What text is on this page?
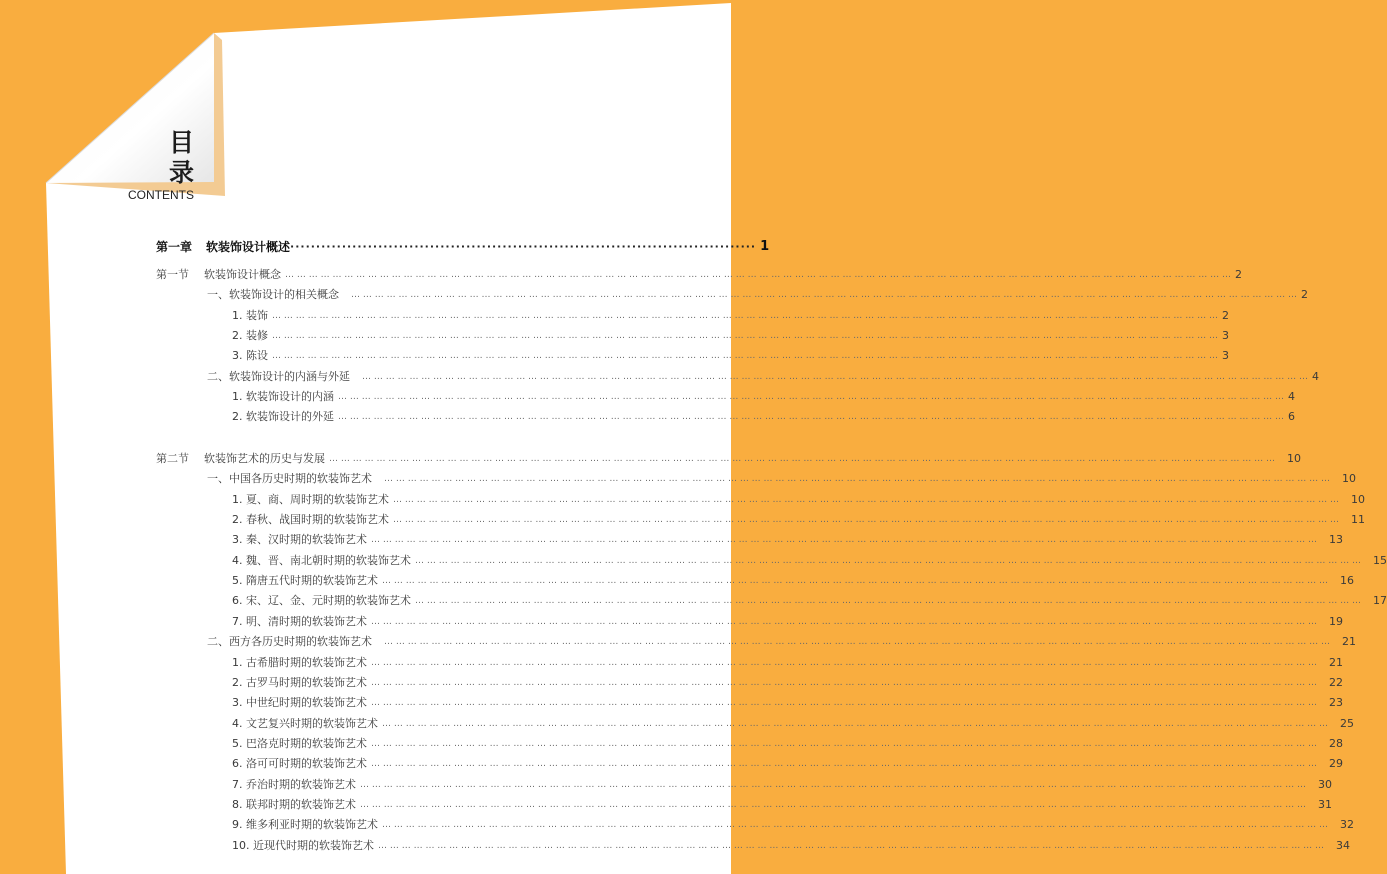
目 录
CONTENTS
第一章	软装饰设计概述 ·························································································· 1
第一节 软装饰设计概念 … … … … … … … … … … … … … … … … … … … … … … … … … … … … … … … … … … … … … … … … … … … … … … … … … … … … … … … … … … … … … … … … … … … … … … … … … … … … … … … … 2
一、软装饰设计的相关概念	… … … … … … … … … … … … … … … … … … … … … … … … … … … … … … … … … … … … … … … … … … … … … … … … … … … … … … … … … … … … … … … … … … … … … … … … … … … … … … … … 2
1. 装饰 … … … … … … … … … … … … … … … … … … … … … … … … … … … … … … … … … … … … … … … … … … … … … … … … … … … … … … … … … … … … … … … … … … … … … … … … … … … … … … … … 2
2. 装修 … … … … … … … … … … … … … … … … … … … … … … … … … … … … … … … … … … … … … … … … … … … … … … … … … … … … … … … … … … … … … … … … … … … … … … … … … … … … … … … … 3
3. 陈设 … … … … … … … … … … … … … … … … … … … … … … … … … … … … … … … … … … … … … … … … … … … … … … … … … … … … … … … … … … … … … … … … … … … … … … … … … … … … … … … … 3
二、软装饰设计的内涵与外延	… … … … … … … … … … … … … … … … … … … … … … … … … … … … … … … … … … … … … … … … … … … … … … … … … … … … … … … … … … … … … … … … … … … … … … … … … … … … … … … … 4
1. 软装饰设计的内涵 … … … … … … … … … … … … … … … … … … … … … … … … … … … … … … … … … … … … … … … … … … … … … … … … … … … … … … … … … … … … … … … … … … … … … … … … … … … … … … … … 4
2. 软装饰设计的外延 … … … … … … … … … … … … … … … … … … … … … … … … … … … … … … … … … … … … … … … … … … … … … … … … … … … … … … … … … … … … … … … … … … … … … … … … … … … … … … … … 6
第二节 软装饰艺术的历史与发展 … … … … … … … … … … … … … … … … … … … … … … … … … … … … … … … … … … … … … … … … … … … … … … … … … … … … … … … … … … … … … … … … … … … … … … … … … … … … … … … …	10
一、中国各历史时期的软装饰艺术	… … … … … … … … … … … … … … … … … … … … … … … … … … … … … … … … … … … … … … … … … … … … … … … … … … … … … … … … … … … … … … … … … … … … … … … … … … … … … … … …	10
1. 夏、商、周时期的软装饰艺术 … … … … … … … … … … … … … … … … … … … … … … … … … … … … … … … … … … … … … … … … … … … … … … … … … … … … … … … … … … … … … … … … … … … … … … … … … … … … … … … …	10
2. 春秋、战国时期的软装饰艺术 … … … … … … … … … … … … … … … … … … … … … … … … … … … … … … … … … … … … … … … … … … … … … … … … … … … … … … … … … … … … … … … … … … … … … … … … … … … … … … … …	11
3. 秦、汉时期的软装饰艺术 … … … … … … … … … … … … … … … … … … … … … … … … … … … … … … … … … … … … … … … … … … … … … … … … … … … … … … … … … … … … … … … … … … … … … … … … … … … … … … … …	13
4. 魏、晋、南北朝时期的软装饰艺术 … … … … … … … … … … … … … … … … … … … … … … … … … … … … … … … … … … … … … … … … … … … … … … … … … … … … … … … … … … … … … … … … … … … … … … … … … … … … … … … …	15
5. 隋唐五代时期的软装饰艺术 … … … … … … … … … … … … … … … … … … … … … … … … … … … … … … … … … … … … … … … … … … … … … … … … … … … … … … … … … … … … … … … … … … … … … … … … … … … … … … … …	16
6. 宋、辽、金、元时期的软装饰艺术 … … … … … … … … … … … … … … … … … … … … … … … … … … … … … … … … … … … … … … … … … … … … … … … … … … … … … … … … … … … … … … … … … … … … … … … … … … … … … … … …	17
7. 明、清时期的软装饰艺术 … … … … … … … … … … … … … … … … … … … … … … … … … … … … … … … … … … … … … … … … … … … … … … … … … … … … … … … … … … … … … … … … … … … … … … … … … … … … … … … …	19
二、西方各历史时期的软装饰艺术	… … … … … … … … … … … … … … … … … … … … … … … … … … … … … … … … … … … … … … … … … … … … … … … … … … … … … … … … … … … … … … … … … … … … … … … … … … … … … … … …	21
1. 古希腊时期的软装饰艺术 … … … … … … … … … … … … … … … … … … … … … … … … … … … … … … … … … … … … … … … … … … … … … … … … … … … … … … … … … … … … … … … … … … … … … … … … … … … … … … … …	21
2. 古罗马时期的软装饰艺术 … … … … … … … … … … … … … … … … … … … … … … … … … … … … … … … … … … … … … … … … … … … … … … … … … … … … … … … … … … … … … … … … … … … … … … … … … … … … … … … …	22
3. 中世纪时期的软装饰艺术 … … … … … … … … … … … … … … … … … … … … … … … … … … … … … … … … … … … … … … … … … … … … … … … … … … … … … … … … … … … … … … … … … … … … … … … … … … … … … … … …	23
4. 文艺复兴时期的软装饰艺术 … … … … … … … … … … … … … … … … … … … … … … … … … … … … … … … … … … … … … … … … … … … … … … … … … … … … … … … … … … … … … … … … … … … … … … … … … … … … … … … …	25
5. 巴洛克时期的软装饰艺术 … … … … … … … … … … … … … … … … … … … … … … … … … … … … … … … … … … … … … … … … … … … … … … … … … … … … … … … … … … … … … … … … … … … … … … … … … … … … … … … …	28
6. 洛可可时期的软装饰艺术 … … … … … … … … … … … … … … … … … … … … … … … … … … … … … … … … … … … … … … … … … … … … … … … … … … … … … … … … … … … … … … … … … … … … … … … … … … … … … … … …	29
7. 乔治时期的软装饰艺术 … … … … … … … … … … … … … … … … … … … … … … … … … … … … … … … … … … … … … … … … … … … … … … … … … … … … … … … … … … … … … … … … … … … … … … … … … … … … … … … …	30
8. 联邦时期的软装饰艺术 … … … … … … … … … … … … … … … … … … … … … … … … … … … … … … … … … … … … … … … … … … … … … … … … … … … … … … … … … … … … … … … … … … … … … … … … … … … … … … … …	31
9. 维多利亚时期的软装饰艺术 … … … … … … … … … … … … … … … … … … … … … … … … … … … … … … … … … … … … … … … … … … … … … … … … … … … … … … … … … … … … … … … … … … … … … … … … … … … … … … … …	32
10. 近现代时期的软装饰艺术 … … … … … … … … … … … … … … … … … … … … … … … … … … … … … … … … … … … … … … … … … … … … … … … … … … … … … … … … … … … … … … … … … … … … … … … … … … … … … … … …	34
